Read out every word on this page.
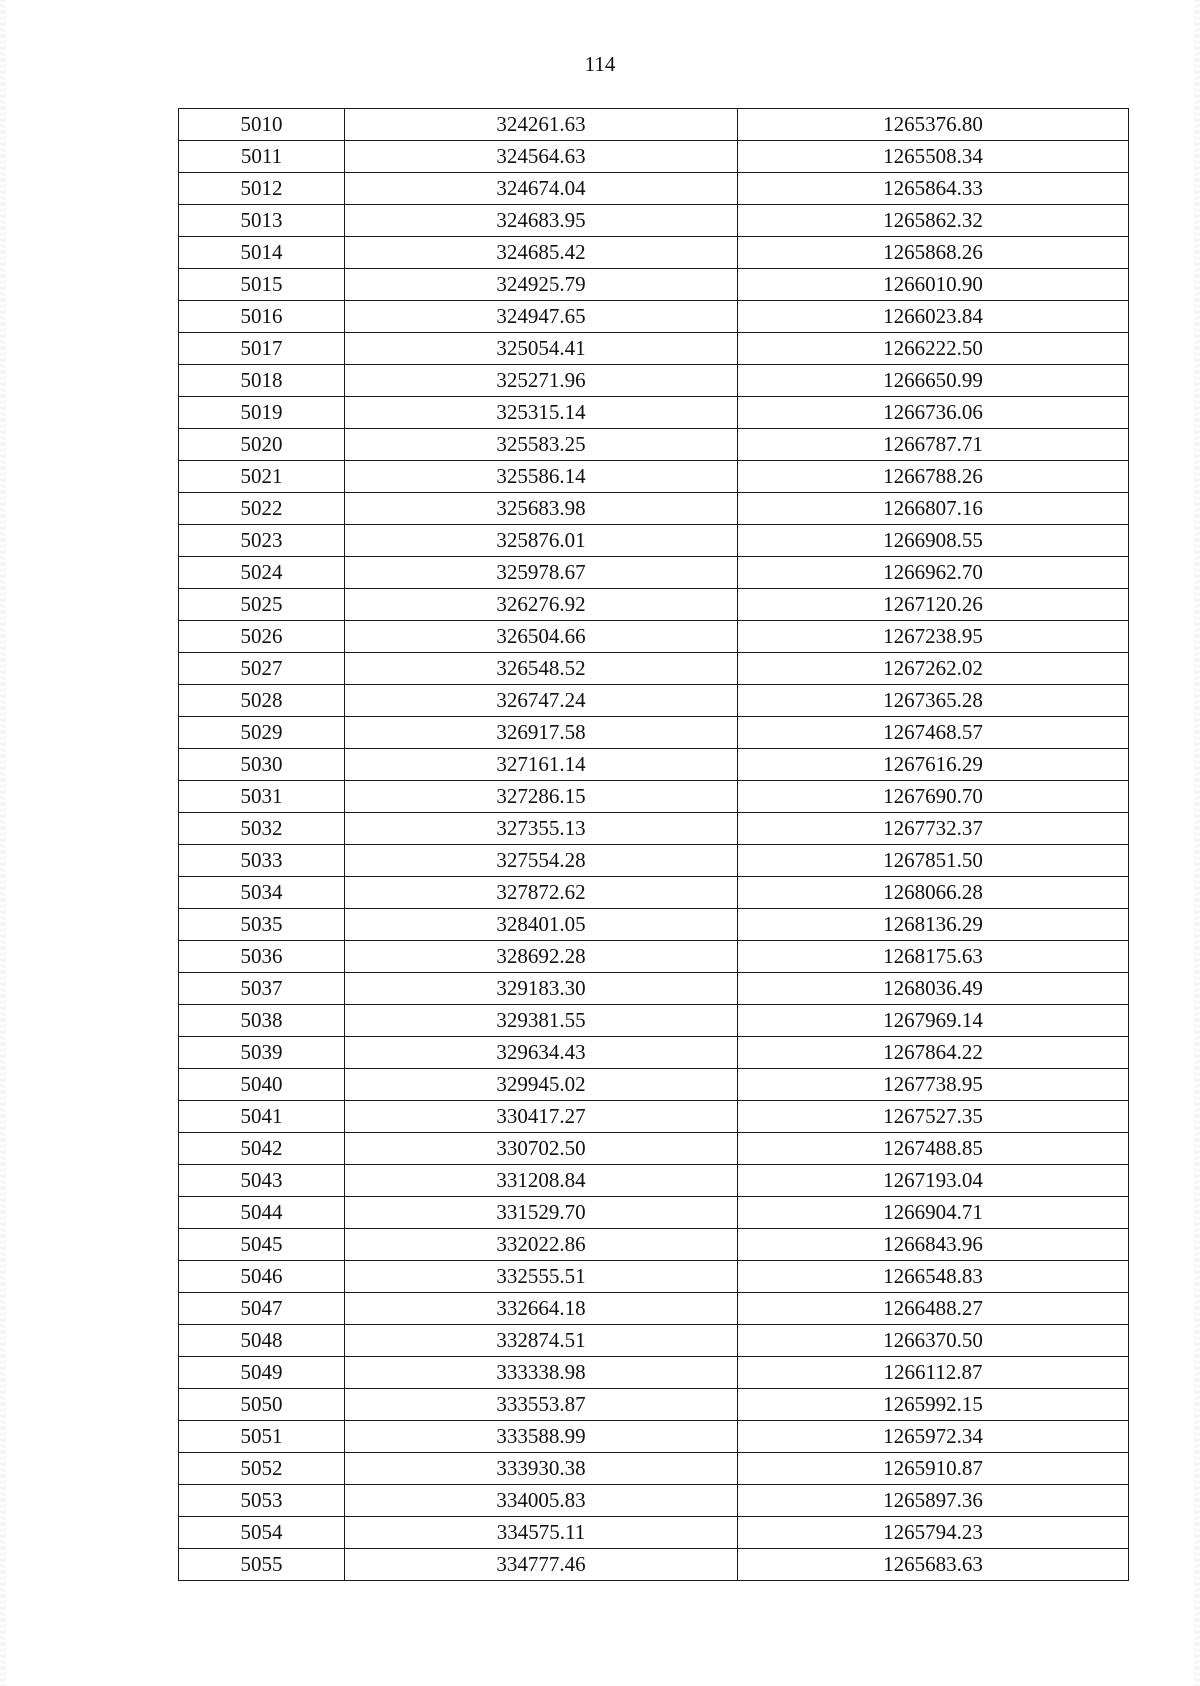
114
5010	324261.63	1265376.80
5011	324564.63	1265508.34
5012	324674.04	1265864.33
5013	324683.95	1265862.32
5014	324685.42	1265868.26
5015	324925.79	1266010.90
5016	324947.65	1266023.84
5017	325054.41	1266222.50
5018	325271.96	1266650.99
5019	325315.14	1266736.06
5020	325583.25	1266787.71
5021	325586.14	1266788.26
5022	325683.98	1266807.16
5023	325876.01	1266908.55
5024	325978.67	1266962.70
5025	326276.92	1267120.26
5026	326504.66	1267238.95
5027	326548.52	1267262.02
5028	326747.24	1267365.28
5029	326917.58	1267468.57
5030	327161.14	1267616.29
5031	327286.15	1267690.70
5032	327355.13	1267732.37
5033	327554.28	1267851.50
5034	327872.62	1268066.28
5035	328401.05	1268136.29
5036	328692.28	1268175.63
5037	329183.30	1268036.49
5038	329381.55	1267969.14
5039	329634.43	1267864.22
5040	329945.02	1267738.95
5041	330417.27	1267527.35
5042	330702.50	1267488.85
5043	331208.84	1267193.04
5044	331529.70	1266904.71
5045	332022.86	1266843.96
5046	332555.51	1266548.83
5047	332664.18	1266488.27
5048	332874.51	1266370.50
5049	333338.98	1266112.87
5050	333553.87	1265992.15
5051	333588.99	1265972.34
5052	333930.38	1265910.87
5053	334005.83	1265897.36
5054	334575.11	1265794.23
5055	334777.46	1265683.63
